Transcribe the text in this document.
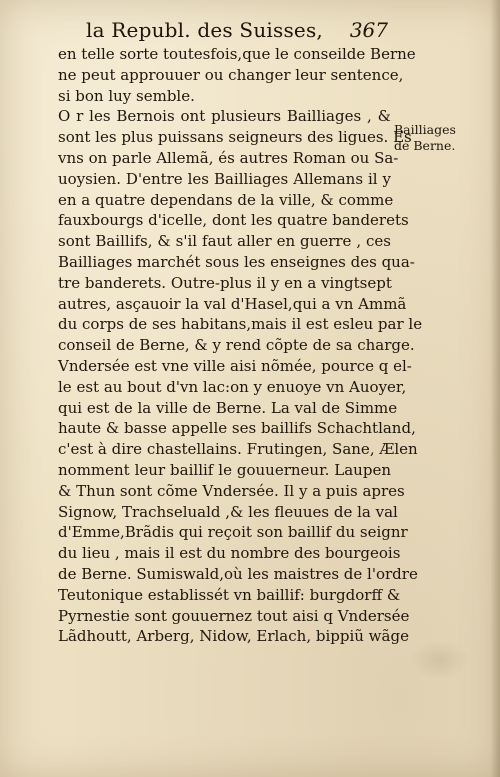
la Republ. des Suisses, 367
Bailliages
de Berne.
en telle sorte toutesfois,que le conseilde Berne
ne peut approuuer ou changer leur sentence,
si bon luy semble.
O r les Bernois ont plusieurs Bailliages , &
sont les plus puissans seigneurs des ligues. Es
vns on parle Allemã, és autres Roman ou Sa-
uoysien. D'entre les Bailliages Allemans il y
en a quatre dependans de la ville, & comme
fauxbourgs d'icelle, dont les quatre banderets
sont Baillifs, & s'il faut aller en guerre , ces
Bailliages marchét sous les enseignes des qua-
tre banderets. Outre-plus il y en a vingtsept
autres, asçauoir la val d'Hasel,qui a vn Ammã
du corps de ses habitans,mais il est esleu par le
conseil de Berne, & y rend cõpte de sa charge.
Vndersée est vne ville aisi nõmée, pource q el-
le est au bout d'vn lac:on y enuoye vn Auoyer,
qui est de la ville de Berne. La val de Simme
haute & basse appelle ses baillifs Schachtland,
c'est à dire chastellains. Frutingen, Sane, Ælen
nomment leur baillif le gouuerneur. Laupen
& Thun sont cõme Vndersée. Il y a puis apres
Signow, Trachseluald ,& les fleuues de la val
d'Emme,Brãdis qui reçoit son baillif du seignr
du lieu , mais il est du nombre des bourgeois
de Berne. Sumiswald,où les maistres de l'ordre
Teutonique establissét vn baillif: burgdorff &
Pyrnestie sont gouuernez tout aisi q Vndersée
Lãdhoutt, Arberg, Nidow, Erlach, bippiũ wãge
